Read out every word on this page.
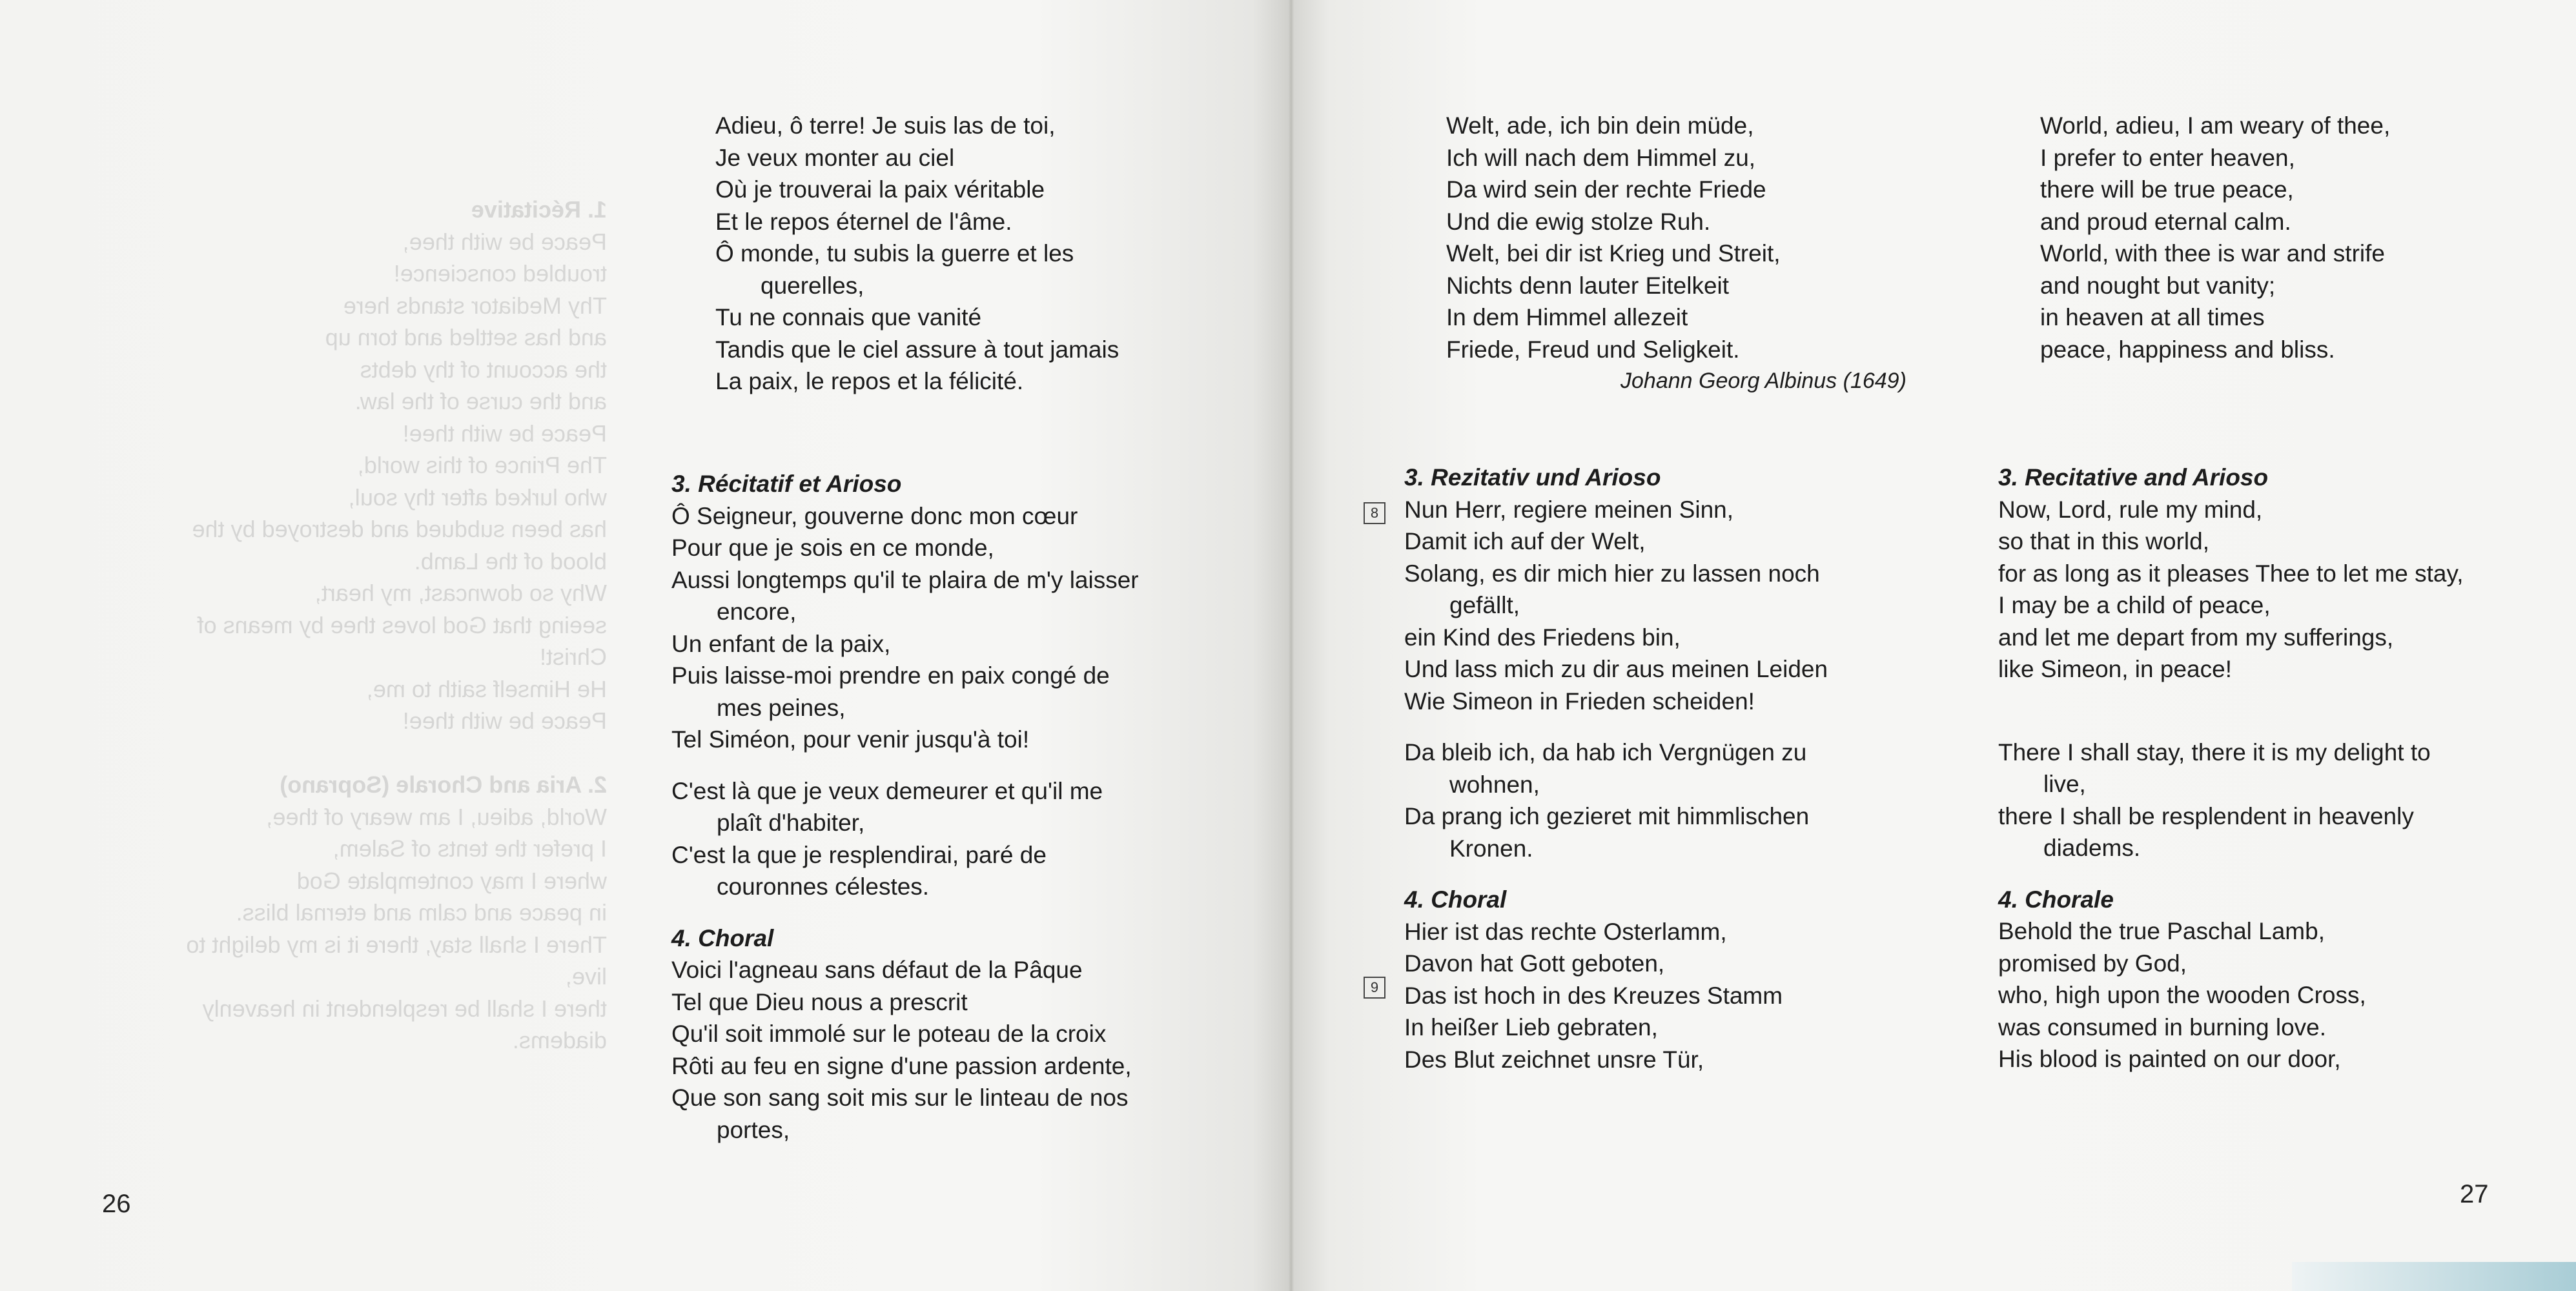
1. Récitative
Peace be with thee,
troubled conscience!
Thy Mediator stands here
and has settled and torn up
the account of thy debts
and the curse of the law.
Peace be with thee!
The Prince of this world,
who lurked after thy soul,
has been subdued and destroyed by the
blood of the Lamb.
Why so downcast, my heart,
seeing that God loves thee by means of
Christ!
He Himself saith to me,
Peace be with thee!

2. Aria and Chorale (Soprano)
World, adieu, I am weary of thee,
I prefer the tents of Salem,
where I may contemplate God
in peace and calm and eternal bliss.
There I shall stay, there it is my delight to
live,
there I shall be resplendent in heavenly
diadems.
Adieu, ô terre! Je suis las de toi,
Je veux monter au ciel
Où je trouverai la paix véritable
Et le repos éternel de l'âme.
Ô monde, tu subis la guerre et les
querelles,
Tu ne connais que vanité
Tandis que le ciel assure à tout jamais
La paix, le repos et la félicité.
3. Récitatif et Arioso
Ô Seigneur, gouverne donc mon cœur
Pour que je sois en ce monde,
Aussi longtemps qu'il te plaira de m'y laisser
encore,
Un enfant de la paix,
Puis laisse-moi prendre en paix congé de
mes peines,
Tel Siméon, pour venir jusqu'à toi!
C'est là que je veux demeurer et qu'il me
plaît d'habiter,
C'est la que je resplendirai, paré de
couronnes célestes.
4. Choral
Voici l'agneau sans défaut de la Pâque
Tel que Dieu nous a prescrit
Qu'il soit immolé sur le poteau de la croix
Rôti au feu en signe d'une passion ardente,
Que son sang soit mis sur le linteau de nos
portes,
26
Welt, ade, ich bin dein müde,
Ich will nach dem Himmel zu,
Da wird sein der rechte Friede
Und die ewig stolze Ruh.
Welt, bei dir ist Krieg und Streit,
Nichts denn lauter Eitelkeit
In dem Himmel allezeit
Friede, Freud und Seligkeit.
Johann Georg Albinus (1649)
World, adieu, I am weary of thee,
I prefer to enter heaven,
there will be true peace,
and proud eternal calm.
World, with thee is war and strife
and nought but vanity;
in heaven at all times
peace, happiness and bliss.
3. Rezitativ und Arioso
Nun Herr, regiere meinen Sinn,
Damit ich auf der Welt,
Solang, es dir mich hier zu lassen noch
gefällt,
ein Kind des Friedens bin,
Und lass mich zu dir aus meinen Leiden
Wie Simeon in Frieden scheiden!
Da bleib ich, da hab ich Vergnügen zu
wohnen,
Da prang ich gezieret mit himmlischen
Kronen.
4. Choral
Hier ist das rechte Osterlamm,
Davon hat Gott geboten,
Das ist hoch in des Kreuzes Stamm
In heißer Lieb gebraten,
Des Blut zeichnet unsre Tür,
8
9
3. Recitative and Arioso
Now, Lord, rule my mind,
so that in this world,
for as long as it pleases Thee to let me stay,
I may be a child of peace,
and let me depart from my sufferings,
like Simeon, in peace!
There I shall stay, there it is my delight to
live,
there I shall be resplendent in heavenly
diadems.
4. Chorale
Behold the true Paschal Lamb,
promised by God,
who, high upon the wooden Cross,
was consumed in burning love.
His blood is painted on our door,
27
